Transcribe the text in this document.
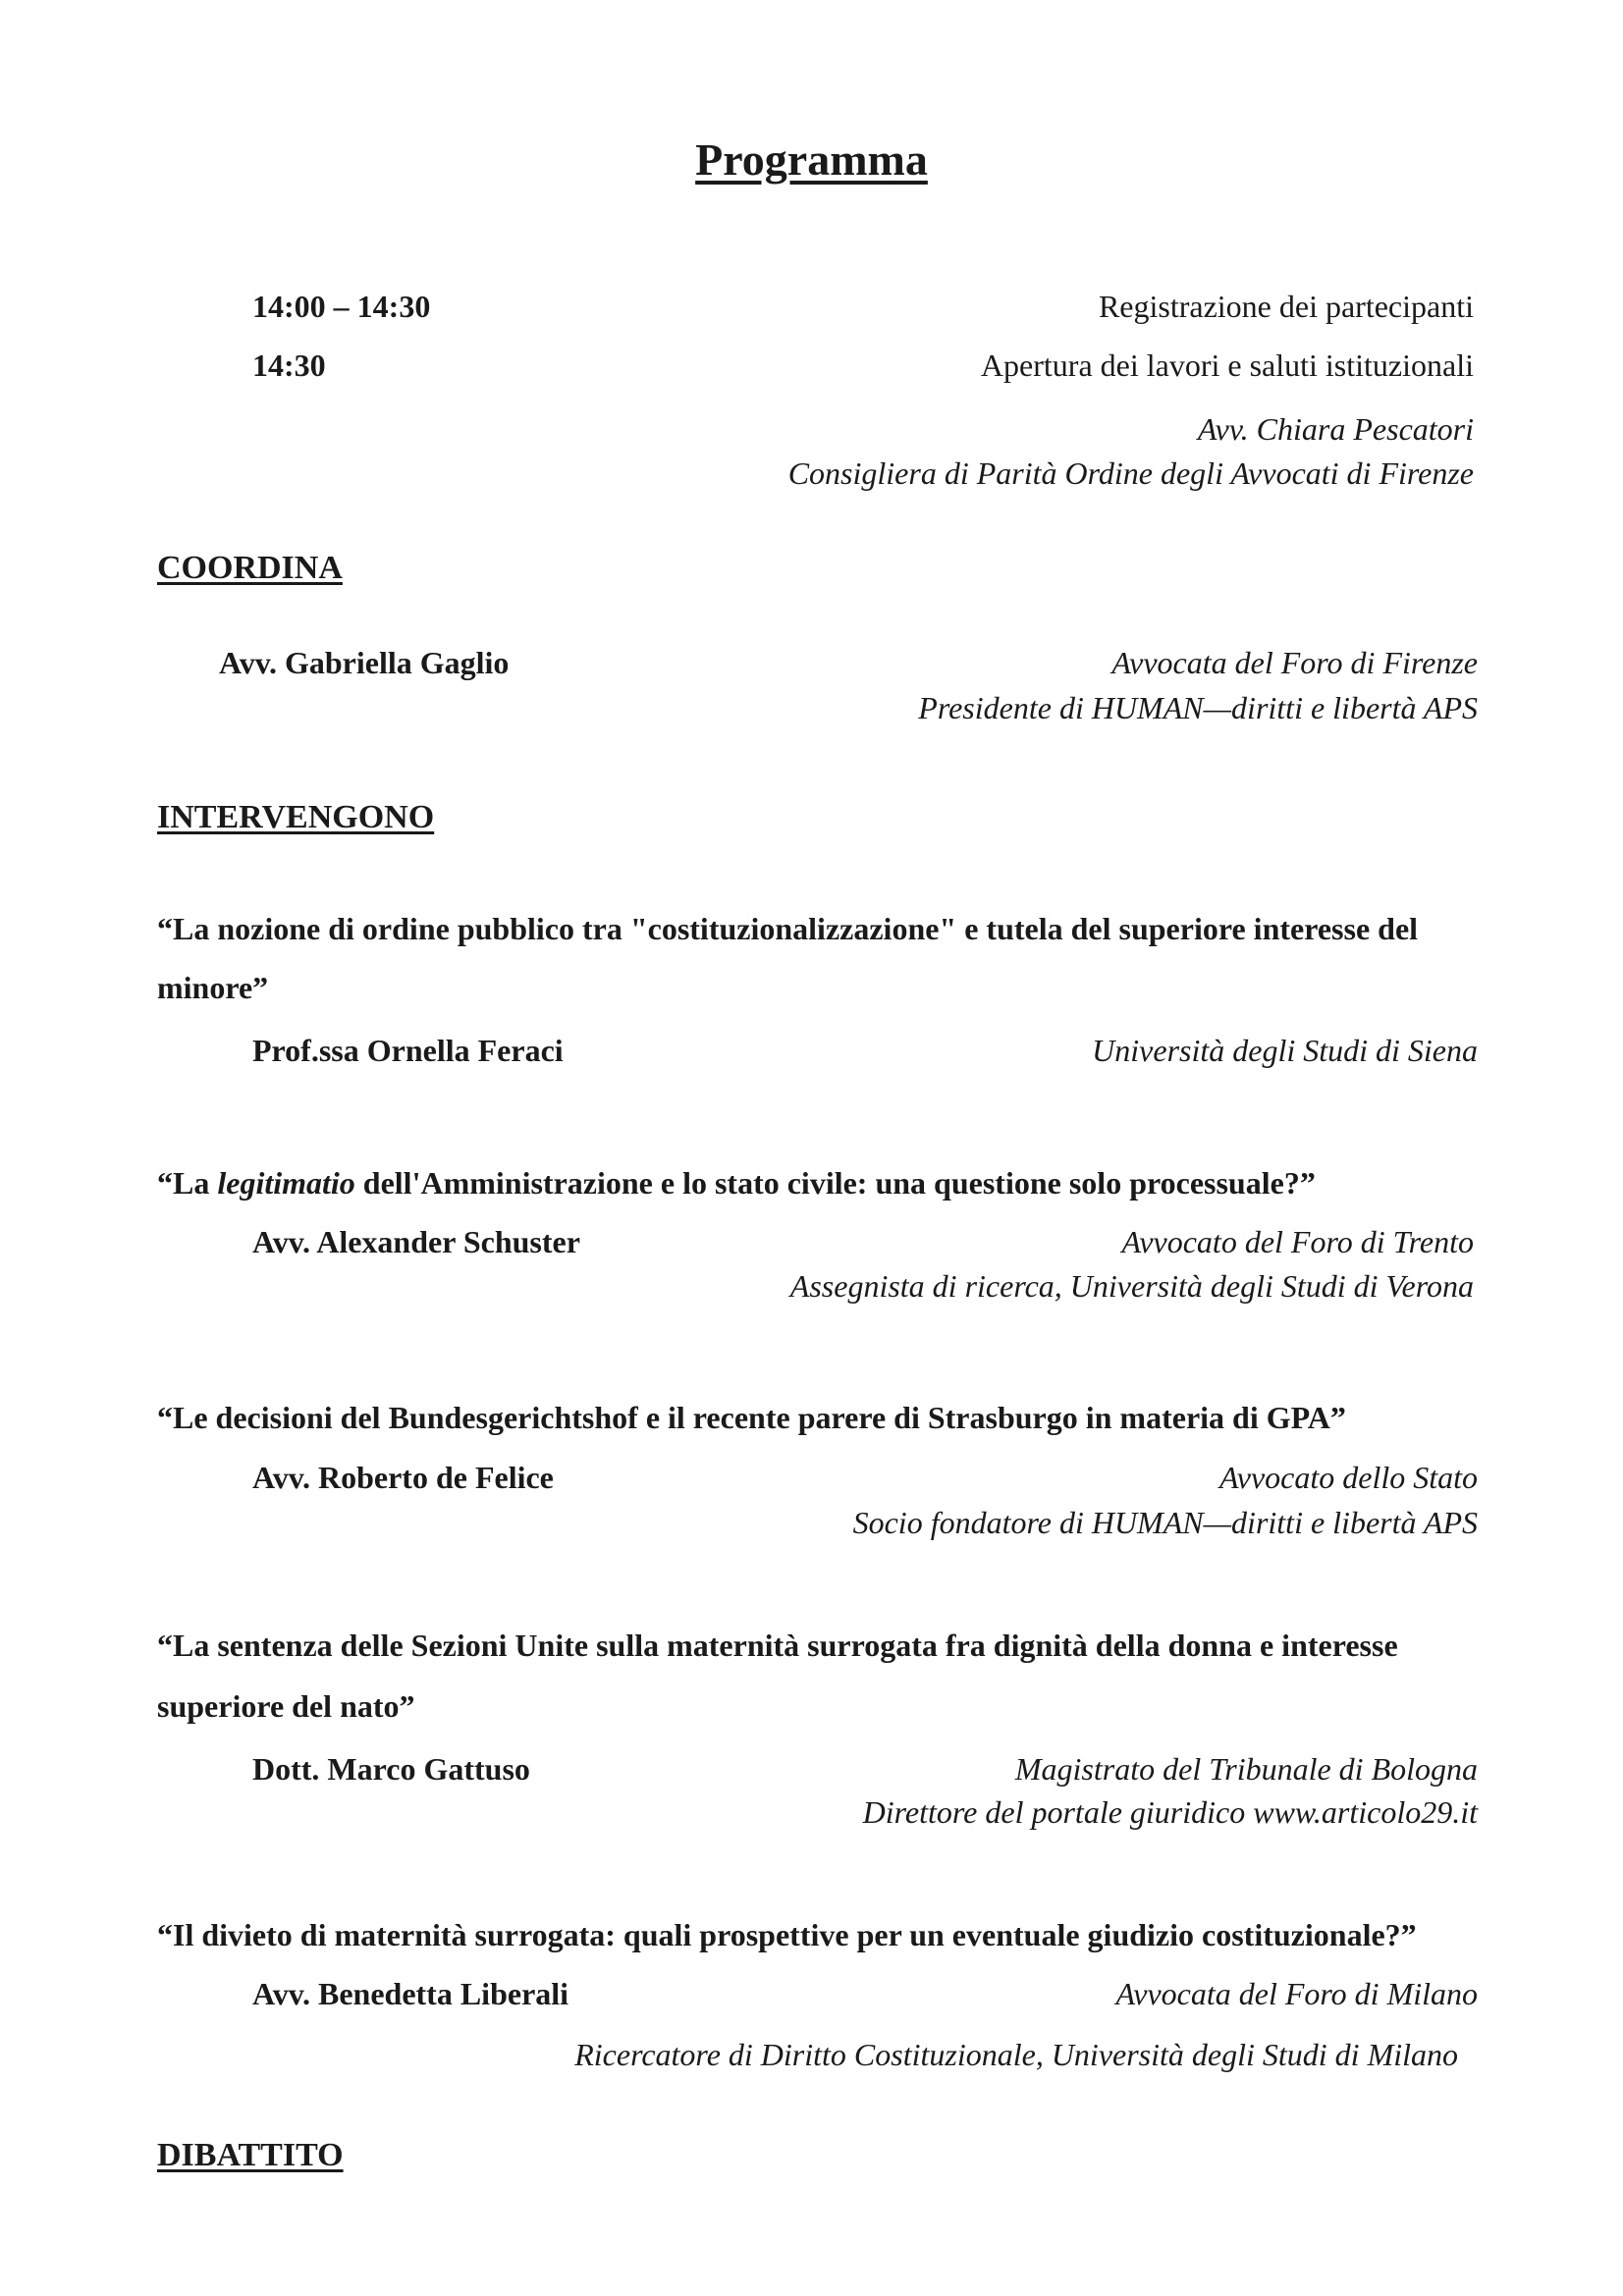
Programma
14:00 – 14:30	Registrazione dei partecipanti
14:30	Apertura dei lavori e saluti istituzionali
Avv. Chiara Pescatori
Consigliera di Parità Ordine degli Avvocati di Firenze
COORDINA
Avv. Gabriella Gaglio	Avvocata del Foro di Firenze
Presidente di HUMAN—diritti e libertà APS
INTERVENGONO
“La nozione di ordine pubblico tra "costituzionalizzazione" e tutela del superiore interesse del
minore”
Prof.ssa Ornella Feraci	Università degli Studi di Siena
“La legitimatio dell'Amministrazione e lo stato civile: una questione solo processuale?”
Avv. Alexander Schuster	Avvocato del Foro di Trento
Assegnista di ricerca, Università degli Studi di Verona
“Le decisioni del Bundesgerichtshof e il recente parere di Strasburgo in materia di GPA”
Avv. Roberto de Felice	Avvocato dello Stato
Socio fondatore di HUMAN—diritti e libertà APS
“La sentenza delle Sezioni Unite sulla maternità surrogata fra dignità della donna e interesse
superiore del nato”
Dott. Marco Gattuso	Magistrato del Tribunale di Bologna
Direttore del portale giuridico www.articolo29.it
“Il divieto di maternità surrogata: quali prospettive per un eventuale giudizio costituzionale?”
Avv. Benedetta Liberali	Avvocata del Foro di Milano
Ricercatore di Diritto Costituzionale, Università degli Studi di Milano
DIBATTITO
